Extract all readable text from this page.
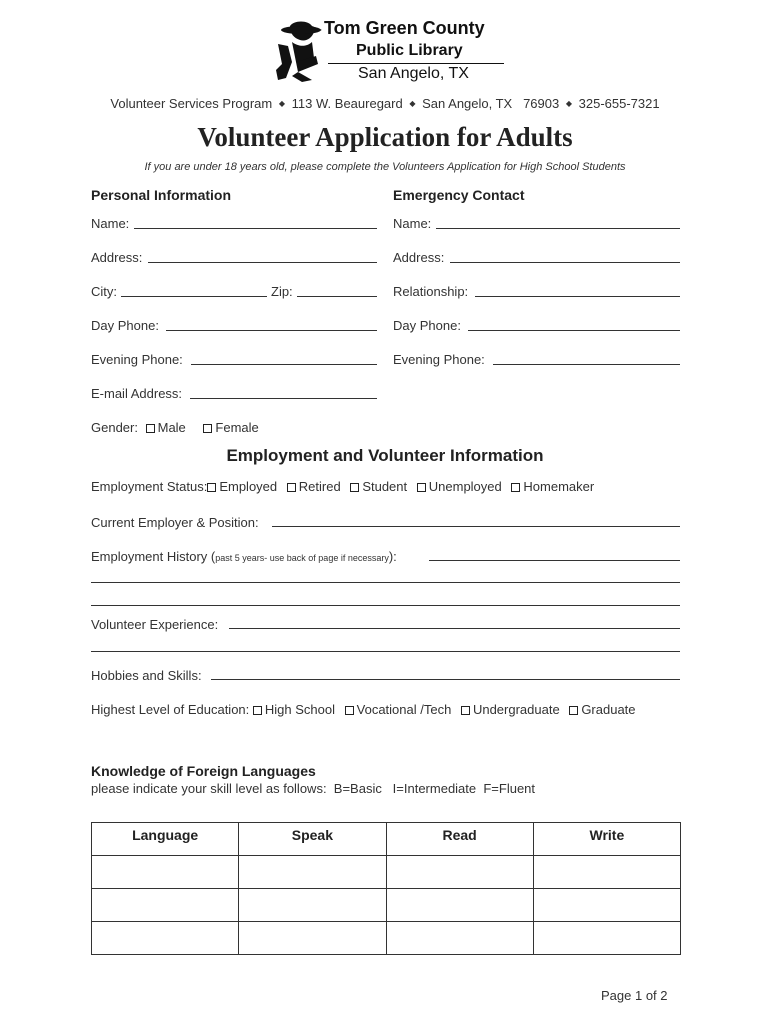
Tom Green County
Public Library
San Angelo, TX
Volunteer Services Program ◆ 113 W. Beauregard ◆ San Angelo, TX   76903 ◆ 325-655-7321
Volunteer Application for Adults
If you are under 18 years old, please complete the Volunteers Application for High School Students
Personal Information	Emergency Contact
Name:
Address:
City:	Zip:
Day Phone:
Evening Phone:
E-mail Address:
Gender: Male Female
Name:
Address:
Relationship:
Day Phone:
Evening Phone:
Employment and Volunteer Information
Employment Status: Employed Retired Student Unemployed Homemaker
Current Employer & Position:
Employment History (past 5 years- use back of page if necessary):
Volunteer Experience:
Hobbies and Skills:
Highest Level of Education: High School Vocational /Tech Undergraduate Graduate
Knowledge of Foreign Languages
please indicate your skill level as follows:  B=Basic   I=Intermediate  F=Fluent
Language	Speak	Read	Write

Page 1 of 2
